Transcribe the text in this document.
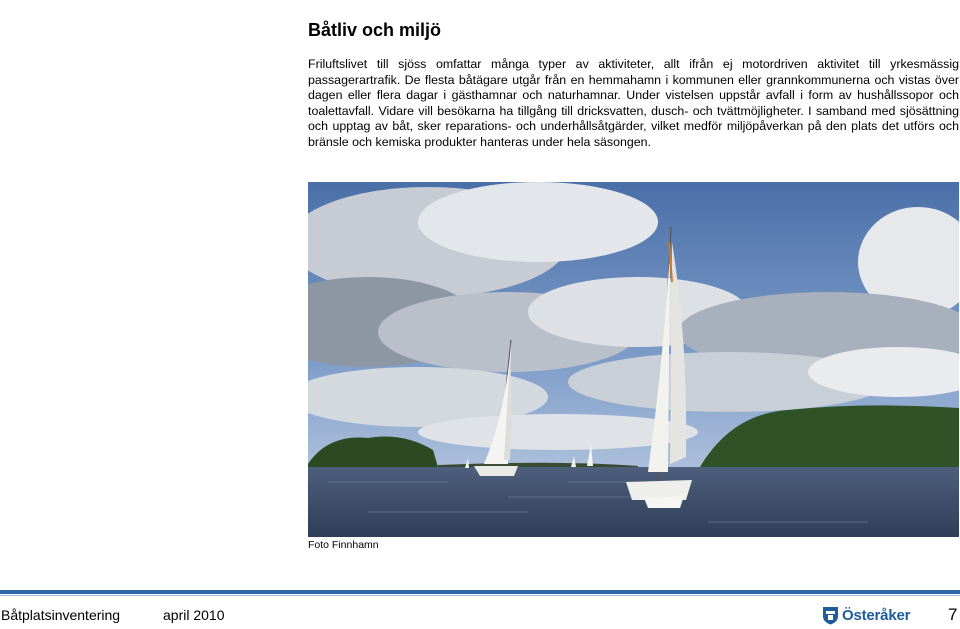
Båtliv och miljö

Friluftslivet till sjöss omfattar många typer av aktiviteter, allt ifrån ej motordriven aktivitet till yrkesmässig passagerartrafik. De flesta båtägare utgår från en hemmahamn i kommunen eller grannkommunerna och vistas över dagen eller flera dagar i gästhamnar och naturhamnar. Under vistelsen uppstår avfall i form av hushållssopor och toalettavfall. Vidare vill besökarna ha tillgång till dricksvatten, dusch- och tvättmöjligheter. I samband med sjösättning och upptag av båt, sker reparations- och underhållsåtgärder, vilket medför miljöpåverkan på den plats det utförs och bränsle och kemiska produkter hanteras under hela säsongen.

Foto Finnhamn
Båtplatsinventering	april 2010	Österåker 7
